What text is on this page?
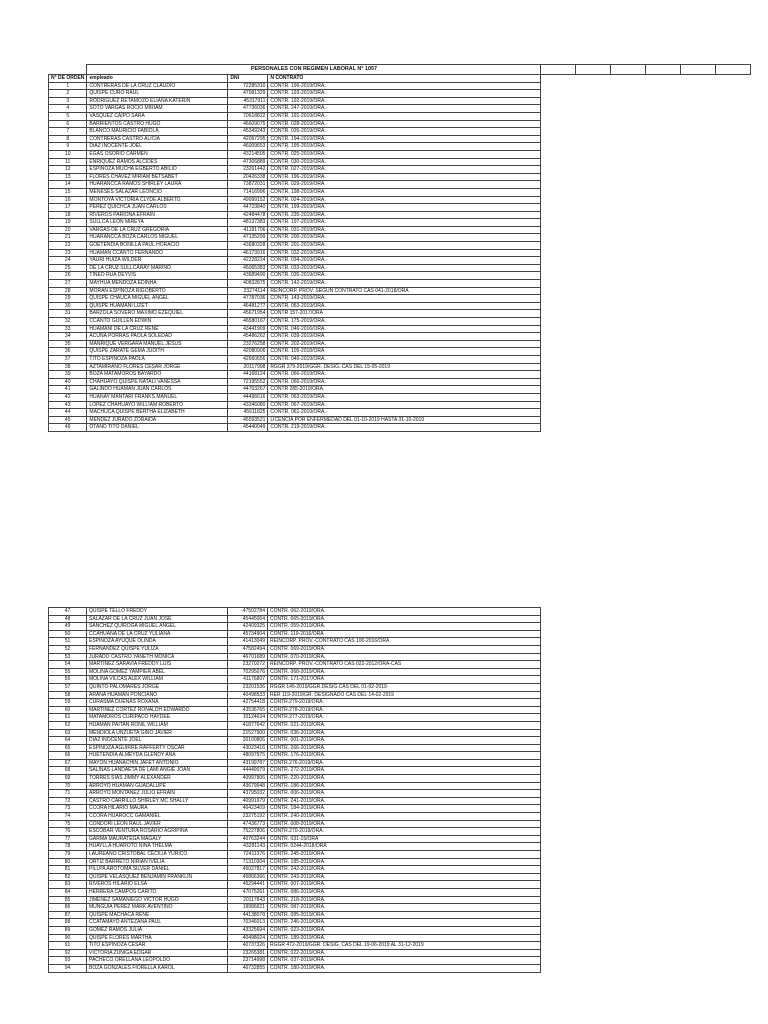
	PERSONALES CON REGIMEN LABORAL N° 1057		
N° DE ORDEN	empleado	DNI	N CONTRATO
1	CONTRERAS DE LA CRUZ CLAUDIO	72285310	CONTR. 190-2019/ORA.
2	QUISPE CURO RAUL	47081329	CONTR. 193-2019/ORA.
3	RODRIGUEZ RETAMOZO ELIANA KATERIN	45317911	CONTR. 192-2019/ORA.
4	SOTO VARGAS ROCIO MIRIAM	47736036	CONTR. 247-2019/ORA.
5	VASQUEZ CAIPO SARA	70618822	CONTR. 191-2019/ORA.
6	BARRIENTOS CASTRO HUGO	46609075	CONTR. 028-2019/ORA.
7	BLANCO MAURICIO FABIOLA	45349243	CONTR. 026-2019/ORA.
8	CONTRERAS CASTRO ALICIA	42057295	CONTR. 194-2019/ORA.
9	DIAZ INOCENTE JOEL	46009653	CONTR. 195-2019/ORA.
10	EGAS OSORIO CARMEN	43214505	CONTR. 025-2019/ORA.
11	ENRIQUEZ RAMOS ALCIDES	47306889	CONTR. 030-2019/ORA.
12	ESPINOZA MUCHA EGBERTO ABILIO	23261442	CONTR. 027-2019/ORA.
13	FLORES CHAVEZ MIRIAM BETSABET	20426338	CONTR. 196-2019/ORA.
14	HUARANCCA RAMOS SHIRLEY LAURA	73872031	CONTR. 029-2019/ORA.
15	MENESES SALAZAR LEONCIO	71416996	CONTR. 198-2019/ORA.
16	MONTOYA VICTORIA CLYDE ALBERTO	49099152	CONTR. 024-2019/ORA.
17	PEREZ QUICHCA JUAN CARLOS	44723840	CONTR. 199-2019/ORA.
18	RIVEROS PARIONA EFRAIN	42484478	CONTR. 235-2019/ORA.
19	SULLCA LEON MIREYA	48137383	CONTR. 197-2019/ORA.
20	VARGAS DE LA CRUZ GREGORIA	41191706	CONTR. 031-2019/ORA.
21	HUARANCCA BOZA CARLOS MIGUEL	47135299	CONTR. 200-2019/ORA.
22	GOETENDIA BONILLA PAUL HORACIO	43680328	CONTR. 201-2019/ORA.
23	HUAMAN CCANTO FERNANDO	46173916	CONTR. 032-2019/ORA.
24	YAURI HUIZA WILDER	42228224	CONTR. 034-2019/ORA.
25	DE LA CRUZ SULLCARAY MARINO	45065383	CONTR. 033-2019/ORA.
26	TINEO RUA DEYVIS	43689490	CONTR. 035-2019/ORA.
27	MAYHUA MENDOZA EDINHA	40832875	CONTR. 142-2019/ORA.
28	MORAN ESPINOZA RIGOBERTO	23274114	REINCORP. PROV. SEGUN CONTRATO CAS 041-2018/ORA
29	QUISPE CHAUCA MIGUEL ANGEL	47787036	CONTR. 143-2019/ORA.
30	QUISPE HUAMANI LIZET	46481277	CONTR. 053-2019/ORA.
31	BARZOLA SOVERO MAXIMO EZEQUIEL	45671954	CONTR 157-2017/ORA
32	CCANTO GUILLEN EDWIN	46580167	CONTR. 175-2019/ORA.
33	HUAMANI DE LA CRUZ RENE	43441909	CONTR. 046-2016/ORA.
34	ACUÑA PORRAS PAOLA SOLEDAD	45486262	CONTR. 039-2019/ORA.
35	MANRIQUE VERGARA MANUEL JESUS	23276258	CONTR. 202-2019/ORA.
36	QUISPE ZARATE GEMA JUDITH	42080906	CONTR. 105-2018/ORA
37	TITO ESPINOZA PAOLA	42660656	CONTR. 040-2019/ORA.
38	AZTAMIRANO FLORES CESAR JORGE	20117998	RGGR 379-2019/GGR. DESIG. CAS DEL 15-05-2019
39	BOZA MATAMOROS BAYARDO	44168124	CONTR. 066-2019/ORA.
40	CHAHUAYO QUISPE NATALI VANESSA	72195552	CONTR. 060-2019/ORA.
41	GALINDO HUAMAN JUAN CARLOS	44703267	CONTR 285-2019/ORA.
42	HUANAY MANTARI FRANKS MANUEL	44496616	CONTR. 063-2019/ORA.
43	LOPEZ CHAHUAYO WILLIAM ROBERTO	43346080	CONTR. 067-2019/ORA.
44	MACHUCA QUISPE BERTHA ELIZABETH	45611825	CONTR. 061-2019/ORA.
45	MENDEZ JURADO ZORAIDA	45593521	LICENCIA POR ENFERMEDAD DEL 01-10-2019 HASTA 31-10-2019
46	OTAÑO TITO DANIEL	45440049	CONTR. 219-2019/ORA.

47	QUISPE TELLO FREDDY	47502784	CONTR. 062-2019/ORA.
48	SALAZAR DE LA CRUZ JUAN JOSE	45445064	CONTR. 065-2019/ORA.
49	SANCHEZ QUIROGA MIGUEL ANGEL	42409325	CONTR. 059-2019/ORA.
50	CCAHUANA DE LA CRUZ YULIANA	45734904	CONTR. 119-2016/ORA
51	ESPINOZA AYUQUE OLINDA	41413049	REINCORP. PROV.-CONTRATO CAS 100-2016/ORA
52	FERNANDEZ QUISPE YULIZA	47582494	CONTR. 069-2019/ORA.
53	JURADO CASTRO YANETH MONICA	46701689	CONTR. 070-2019/ORA.
54	MARTINEZ SARAVIA FREDDY LUIS	23270272	REINCORP. PROV.-CONTRATO CAS 022-2012/ORA-CAS
55	MOLINA GOMEZ YAMPIER ABEL	70295076	CONTR. 068-2019/ORA.
56	MOLINA VILCAS ALEX WILLIAM	41176807	CONTR. 171-2017/ORA
57	QUINTO PALOMARES JORGE	23201536	RGGR 145-2019/GGR.DESIG.CAS DEL 01-02-2019
58	ARANA HUAMAN PONCIANO	40498533	RER 119-2019/GR. DESIGNADO CAS DEL 14-02-2019
59	CURASMA DUEÑAS ROXANA	42754418	CONTR.279-2019/ORA.
60	MARTINEZ CORTEZ RONALDH EDWARDO	43536765	CONTR.278-2019/ORA.
61	MATAMOROS CURIPACO HAYDEE	10124634	CONTR.277-2019/ORA.
62	HUAMAN PAITAN RONIL WILLIAM	41877642	CONTR. 021-2019/ORA.
63	MENDIOLA UNZUETA GINO JAVIER	21527900	CONTR. 036-2019/ORA.
64	DIAZ INOCENTE JOEL	20100806	CONTR. 001-2019/ORA.
65	ESPINOZA AGUIRRE RAFFERTY OSCAR	43023416	CONTR. 266-2019/ORA.
66	HUETENDIA ALMEYDA GLENDY ANA	48097975	CONTR. 176-2019/ORA.
67	MAYON HUANACHIN JAFET ANTONIO	43199787	CONTR.276-2019/ORA.
68	SALINAS LANDAETA DE LAMI ANGIE JOAN	44449079	CONTR. 272-2019/ORA.
69	TORRES SIAS JIMMY ALEXANDER	40997806	CONTR. 220-2019/ORA.
70	ARROYO HUAMAN GUADALUPE	43679948	CONTR. 186-2019/ORA.
71	ARROYO MONTAÑEZ JULIO EFRAIN	43795032	CONTR. 006-2019/ORA.
72	CASTRO CARRILLO SHIRLEY MC SHALLY	40991979	CONTR. 241-2019/ORA.
73	CCORA HILARIO MAURA	46423409	CONTR. 184-2019/ORA.
74	CCORA HUAROCC GAMANIEL	23275192	CONTR. 240-2019/ORA.
75	CONDORI LEON RAUL JAVIER	47436773	CONTR. 008-2019/ORA.
76	ESCOBAR VENTURA ROSARIO AGRIPINA	75227806	CONTR.270-2019/ORA.
77	GARMA MAURATEGA MAGALY	40763244	CONTR. 031-15/ORA
78	HUAYLLA HUAROTO NINA THELMA	43281143	CONTR. 0244-2018/ORA
79	LAUREANO CRISTOBAL CECILIA YURICO	72411376	CONTR. 245-2019/ORA.
80	ORTIZ BARRETO NIRIAN IVELIA	71310304	CONTR. 185-2019/ORA.
81	PILLPA AROTOMA SILVER DANIEL	45027817	CONTR. 242-2019/ORA.
82	QUISPE VELASQUEZ BENJAMIN FRANKLIN	45866366	CONTR. 243-2019/ORA.
83	RIVEROS HILARIO ELSA	45294441	CONTR. 007-2019/ORA.
84	HERRERA CAMPOS CARITO	47075261	CONTR. 086-2019/ORA.
85	JIMENEZ SAMANIEGO VICTOR HUGO	20117843	CONTR. 218-2019/ORA.
86	MUNGUIA PEREZ MARK AVENTINO	19986621	CONTR. 087-2019/ORA.
87	QUISPE MACHACA RENE	44138078	CONTR. 085-2019/ORA.
88	CCATAMAYO ANTEZANA PAUL	70346013	CONTR. 246-2019/ORA.
89	GOMEZ RAMOS JULIA	43325694	CONTR. 023-2019/ORA.
90	QUISPE FLORES MARTHA	40498024	CONTR. 189-2019/ORA.
91	TITO ESPINOZA CESAR	40737326	RGGR 472-2019/GGR. DESIG. CAS DEL 19-06-2019 AL 31-12-2019
92	VICTORIA ZUÑIGA EDGAR	23265381	CONTR. 022-2019/ORA.
93	PACHECO ORELLANA LEOPOLDO	23714998	CONTR. 037-2019/ORA.
94	BOZA GONZALES FIORELLA KAROL	46732855	CONTR. 180-2019/ORA.
